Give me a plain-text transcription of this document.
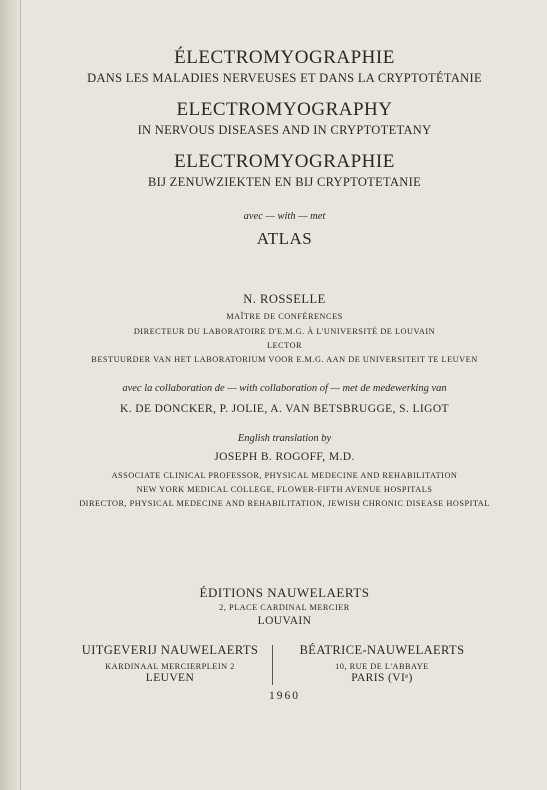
ÉLECTROMYOGRAPHIE
DANS LES MALADIES NERVEUSES ET DANS LA CRYPTOTÉTANIE
ELECTROMYOGRAPHY
IN NERVOUS DISEASES AND IN CRYPTOTETANY
ELECTROMYOGRAPHIE
BIJ ZENUWZIEKTEN EN BIJ CRYPTOTETANIE
avec — with — met
ATLAS
N. ROSSELLE
MAÎTRE DE CONFÉRENCES
DIRECTEUR DU LABORATOIRE D'E.M.G. À L'UNIVERSITÉ DE LOUVAIN
LECTOR
BESTUURDER VAN HET LABORATORIUM VOOR E.M.G. AAN DE UNIVERSITEIT TE LEUVEN
avec la collaboration de — with collaboration of — met de medewerking van
K. DE DONCKER, P. JOLIE, A. VAN BETSBRUGGE, S. LIGOT
English translation by
JOSEPH B. ROGOFF, M.D.
ASSOCIATE CLINICAL PROFESSOR, PHYSICAL MEDECINE AND REHABILITATION
NEW YORK MEDICAL COLLEGE, FLOWER-FIFTH AVENUE HOSPITALS
DIRECTOR, PHYSICAL MEDECINE AND REHABILITATION, JEWISH CHRONIC DISEASE HOSPITAL
ÉDITIONS NAUWELAERTS
2, PLACE CARDINAL MERCIER
LOUVAIN
UITGEVERIJ NAUWELAERTS
KARDINAAL MERCIERPLEIN 2
LEUVEN
BÉATRICE-NAUWELAERTS
10, RUE DE L'ABBAYE
PARIS (VIᵉ)
1960
